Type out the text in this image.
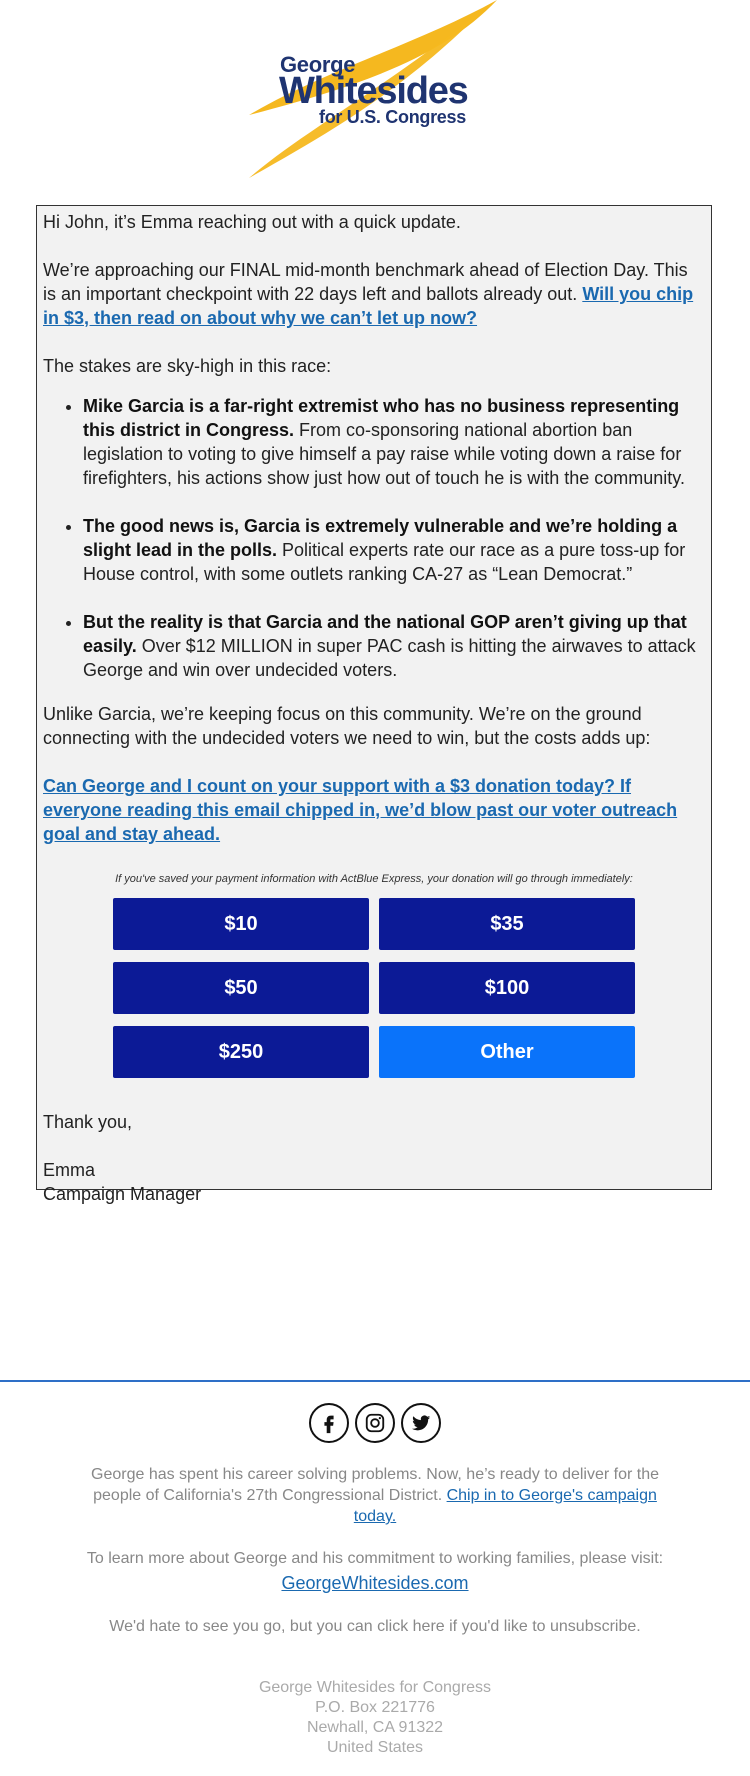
George
Whitesides
for U.S. Congress

Hi John, it’s Emma reaching out with a quick update.

We’re approaching our FINAL mid-month benchmark ahead of Election Day. This is an important checkpoint with 22 days left and ballots already out. Will you chip in $3, then read on about why we can’t let up now?

The stakes are sky-high in this race:

• Mike Garcia is a far-right extremist who has no business representing this district in Congress. From co-sponsoring national abortion ban legislation to voting to give himself a pay raise while voting down a raise for firefighters, his actions show just how out of touch he is with the community.
• The good news is, Garcia is extremely vulnerable and we’re holding a slight lead in the polls. Political experts rate our race as a pure toss-up for House control, with some outlets ranking CA-27 as “Lean Democrat.”
• But the reality is that Garcia and the national GOP aren’t giving up that easily. Over $12 MILLION in super PAC cash is hitting the airwaves to attack George and win over undecided voters.

Unlike Garcia, we’re keeping focus on this community. We’re on the ground connecting with the undecided voters we need to win, but the costs adds up:

Can George and I count on your support with a $3 donation today? If everyone reading this email chipped in, we’d blow past our voter outreach goal and stay ahead.

If you've saved your payment information with ActBlue Express, your donation will go through immediately:

$10	$35
$50	$100
$250	Other

Thank you,

Emma

Campaign Manager

George has spent his career solving problems. Now, he’s ready to deliver for the people of California's 27th Congressional District. Chip in to George's campaign today.
To learn more about George and his commitment to working families, please visit:
GeorgeWhitesides.com
We'd hate to see you go, but you can click here if you'd like to unsubscribe.
George Whitesides for Congress
P.O. Box 221776
Newhall, CA 91322
United States
